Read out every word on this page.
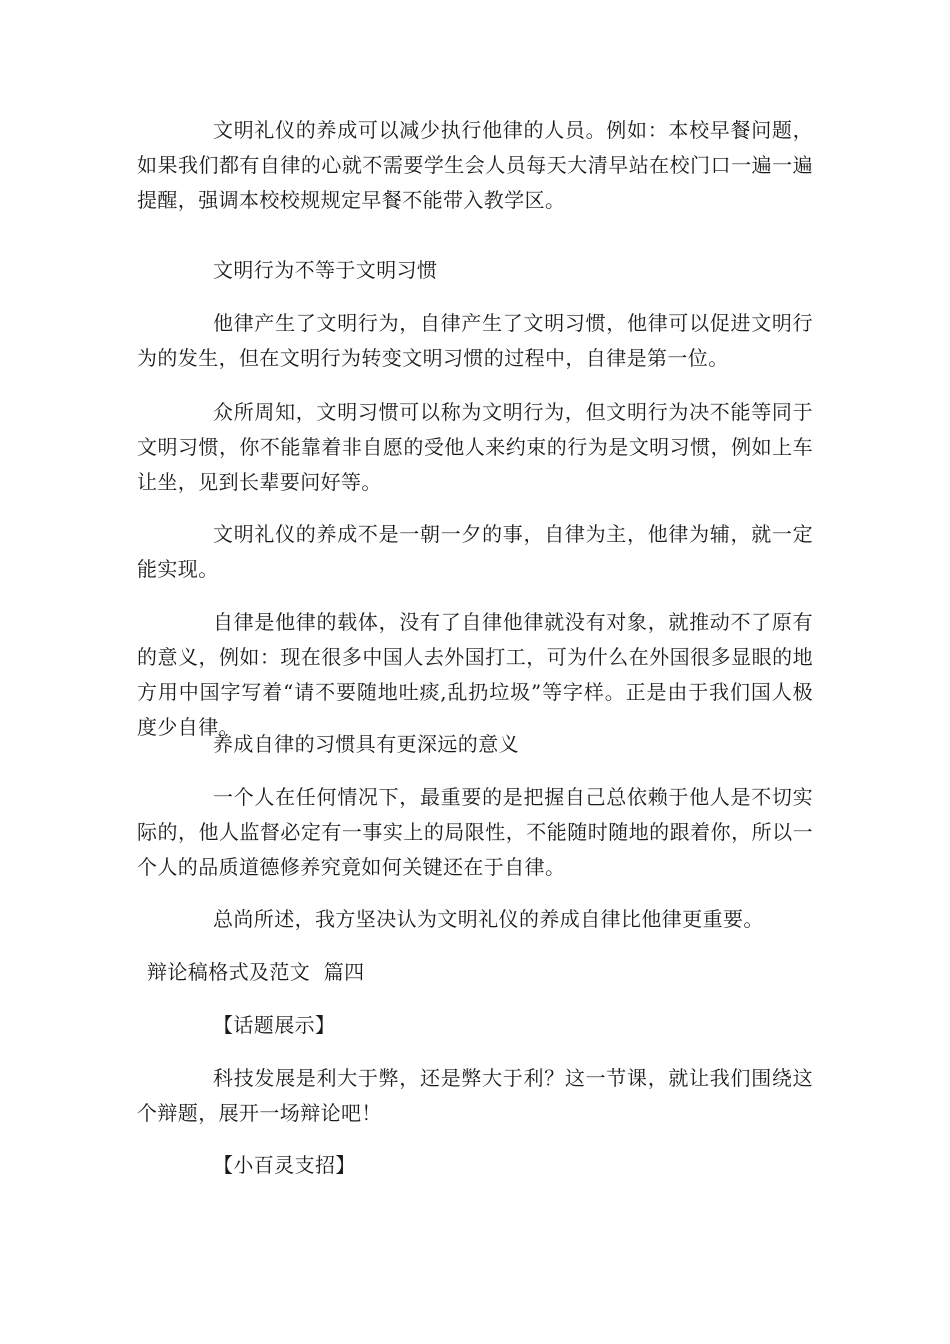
文明礼仪的养成可以减少执行他律的人员。例如：本校早餐问题，如果我们都有自律的心就不需要学生会人员每天大清早站在校门口一遍一遍提醒，强调本校校规规定早餐不能带入教学区。

文明行为不等于文明习惯

他律产生了文明行为，自律产生了文明习惯，他律可以促进文明行为的发生，但在文明行为转变文明习惯的过程中，自律是第一位。

众所周知，文明习惯可以称为文明行为，但文明行为决不能等同于文明习惯，你不能靠着非自愿的受他人来约束的行为是文明习惯，例如上车让坐，见到长辈要问好等。

文明礼仪的养成不是一朝一夕的事，自律为主，他律为辅，就一定能实现。

自律是他律的载体，没有了自律他律就没有对象，就推动不了原有的意义，例如：现在很多中国人去外国打工，可为什么在外国很多显眼的地方用中国字写着“请不要随地吐痰,乱扔垃圾”等字样。正是由于我们国人极度少自律。

养成自律的习惯具有更深远的意义

一个人在任何情况下，最重要的是把握自己总依赖于他人是不切实际的，他人监督必定有一事实上的局限性，不能随时随地的跟着你，所以一个人的品质道德修养究竟如何关键还在于自律。

总尚所述，我方坚决认为文明礼仪的养成自律比他律更重要。

辩论稿格式及范文  篇四

【话题展示】

科技发展是利大于弊，还是弊大于利？这一节课，就让我们围绕这个辩题，展开一场辩论吧！

【小百灵支招】
